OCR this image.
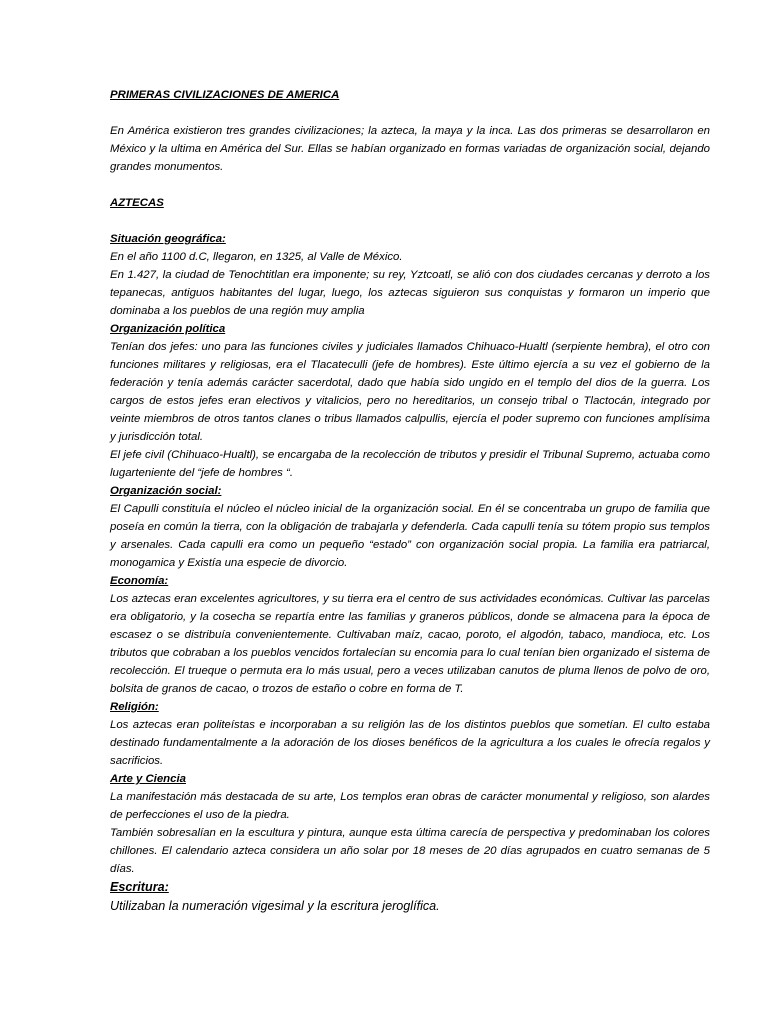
PRIMERAS CIVILIZACIONES DE AMERICA

En América existieron tres grandes civilizaciones; la azteca, la maya y la inca. Las dos primeras se desarrollaron en México y la ultima en América del Sur. Ellas se habían organizado en formas variadas de organización social, dejando grandes monumentos.

AZTECAS

Situación geográfica:

En el año 1100 d.C, llegaron, en 1325, al Valle de México.

En 1.427, la ciudad de Tenochtitlan era imponente; su rey, Yztcoatl, se alió con dos ciudades cercanas y derroto a los tepanecas, antiguos habitantes del lugar, luego, los aztecas siguieron sus conquistas y formaron un imperio que dominaba a los pueblos de una región muy amplia

Organización política

Tenían dos jefes: uno para las funciones civiles y judiciales llamados Chihuaco-Hualtl (serpiente hembra), el otro con funciones militares y religiosas, era el Tlacateculli (jefe de hombres). Este último ejercía a su vez el gobierno de la federación y tenía además carácter sacerdotal, dado que había sido ungido en el templo del dios de la guerra. Los cargos de estos jefes eran electivos y vitalicios, pero no hereditarios, un consejo tribal o Tlactocán, integrado por veinte miembros de otros tantos clanes o tribus llamados calpullis, ejercía el poder supremo con funciones amplísima y jurisdicción total.

El jefe civil (Chihuaco-Hualtl), se encargaba de la recolección de tributos y presidir el Tribunal Supremo, actuaba como lugarteniente del “jefe de hombres “.

Organización social:

El Capulli constituía el núcleo el núcleo inicial de la organización social. En él se concentraba un grupo de familia que poseía en común la tierra, con la obligación de trabajarla y defenderla. Cada capulli tenía su tótem propio sus templos y arsenales. Cada capulli era como un pequeño “estado” con organización social propia. La familia era patriarcal, monogamica y Existía una especie de divorcio.

Economía:

Los aztecas eran excelentes agricultores, y su tierra era el centro de sus actividades económicas. Cultivar las parcelas era obligatorio, y la cosecha se repartía entre las familias y graneros públicos, donde se almacena para la época de escasez o se distribuía convenientemente. Cultivaban maíz, cacao, poroto, el algodón, tabaco, mandioca, etc. Los tributos que cobraban a los pueblos vencidos fortalecían su encomia para lo cual tenían bien organizado el sistema de recolección. El trueque o permuta era lo más usual, pero a veces utilizaban canutos de pluma llenos de polvo de oro, bolsita de granos de cacao, o trozos de estaño o cobre en forma de T.

Religión:

Los aztecas eran politeístas e incorporaban a su religión las de los distintos pueblos que sometían. El culto estaba destinado fundamentalmente a la adoración de los dioses benéficos de la agricultura a los cuales le ofrecía regalos y sacrificios.

Arte y Ciencia

La manifestación más destacada de su arte, Los templos eran obras de carácter monumental y religioso, son alardes de perfecciones el uso de la piedra.

También sobresalían en la escultura y pintura, aunque esta última carecía de perspectiva y predominaban los colores chillones. El calendario azteca considera un año solar por 18 meses de 20 días agrupados en cuatro semanas de 5 días.

Escritura:

Utilizaban la numeración vigesimal y la escritura jeroglífica.
